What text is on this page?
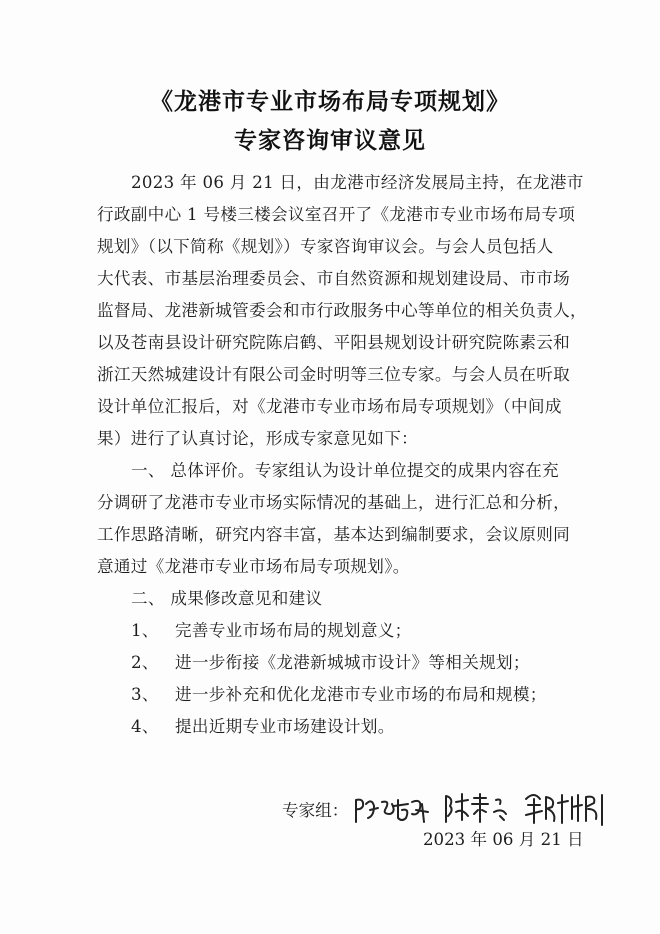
《龙港市专业市场布局专项规划》
专家咨询审议意见
2023 年 06 月 21 日，由龙港市经济发展局主持，在龙港市
行政副中心 1 号楼三楼会议室召开了《龙港市专业市场布局专项
规划》（以下简称《规划》）专家咨询审议会。与会人员包括人
大代表、市基层治理委员会、市自然资源和规划建设局、市市场
监督局、龙港新城管委会和市行政服务中心等单位的相关负责人，
以及苍南县设计研究院陈启鹤、平阳县规划设计研究院陈素云和
浙江天然城建设计有限公司金时明等三位专家。与会人员在听取
设计单位汇报后，对《龙港市专业市场布局专项规划》（中间成
果）进行了认真讨论，形成专家意见如下：
一、 总体评价。专家组认为设计单位提交的成果内容在充
分调研了龙港市专业市场实际情况的基础上，进行汇总和分析，
工作思路清晰，研究内容丰富，基本达到编制要求，会议原则同
意通过《龙港市专业市场布局专项规划》。
二、 成果修改意见和建议
1、 完善专业市场布局的规划意义；
2、 进一步衔接《龙港新城城市设计》等相关规划；
3、 进一步补充和优化龙港市专业市场的布局和规模；
4、 提出近期专业市场建设计划。
专家组：
2023 年 06 月 21 日
